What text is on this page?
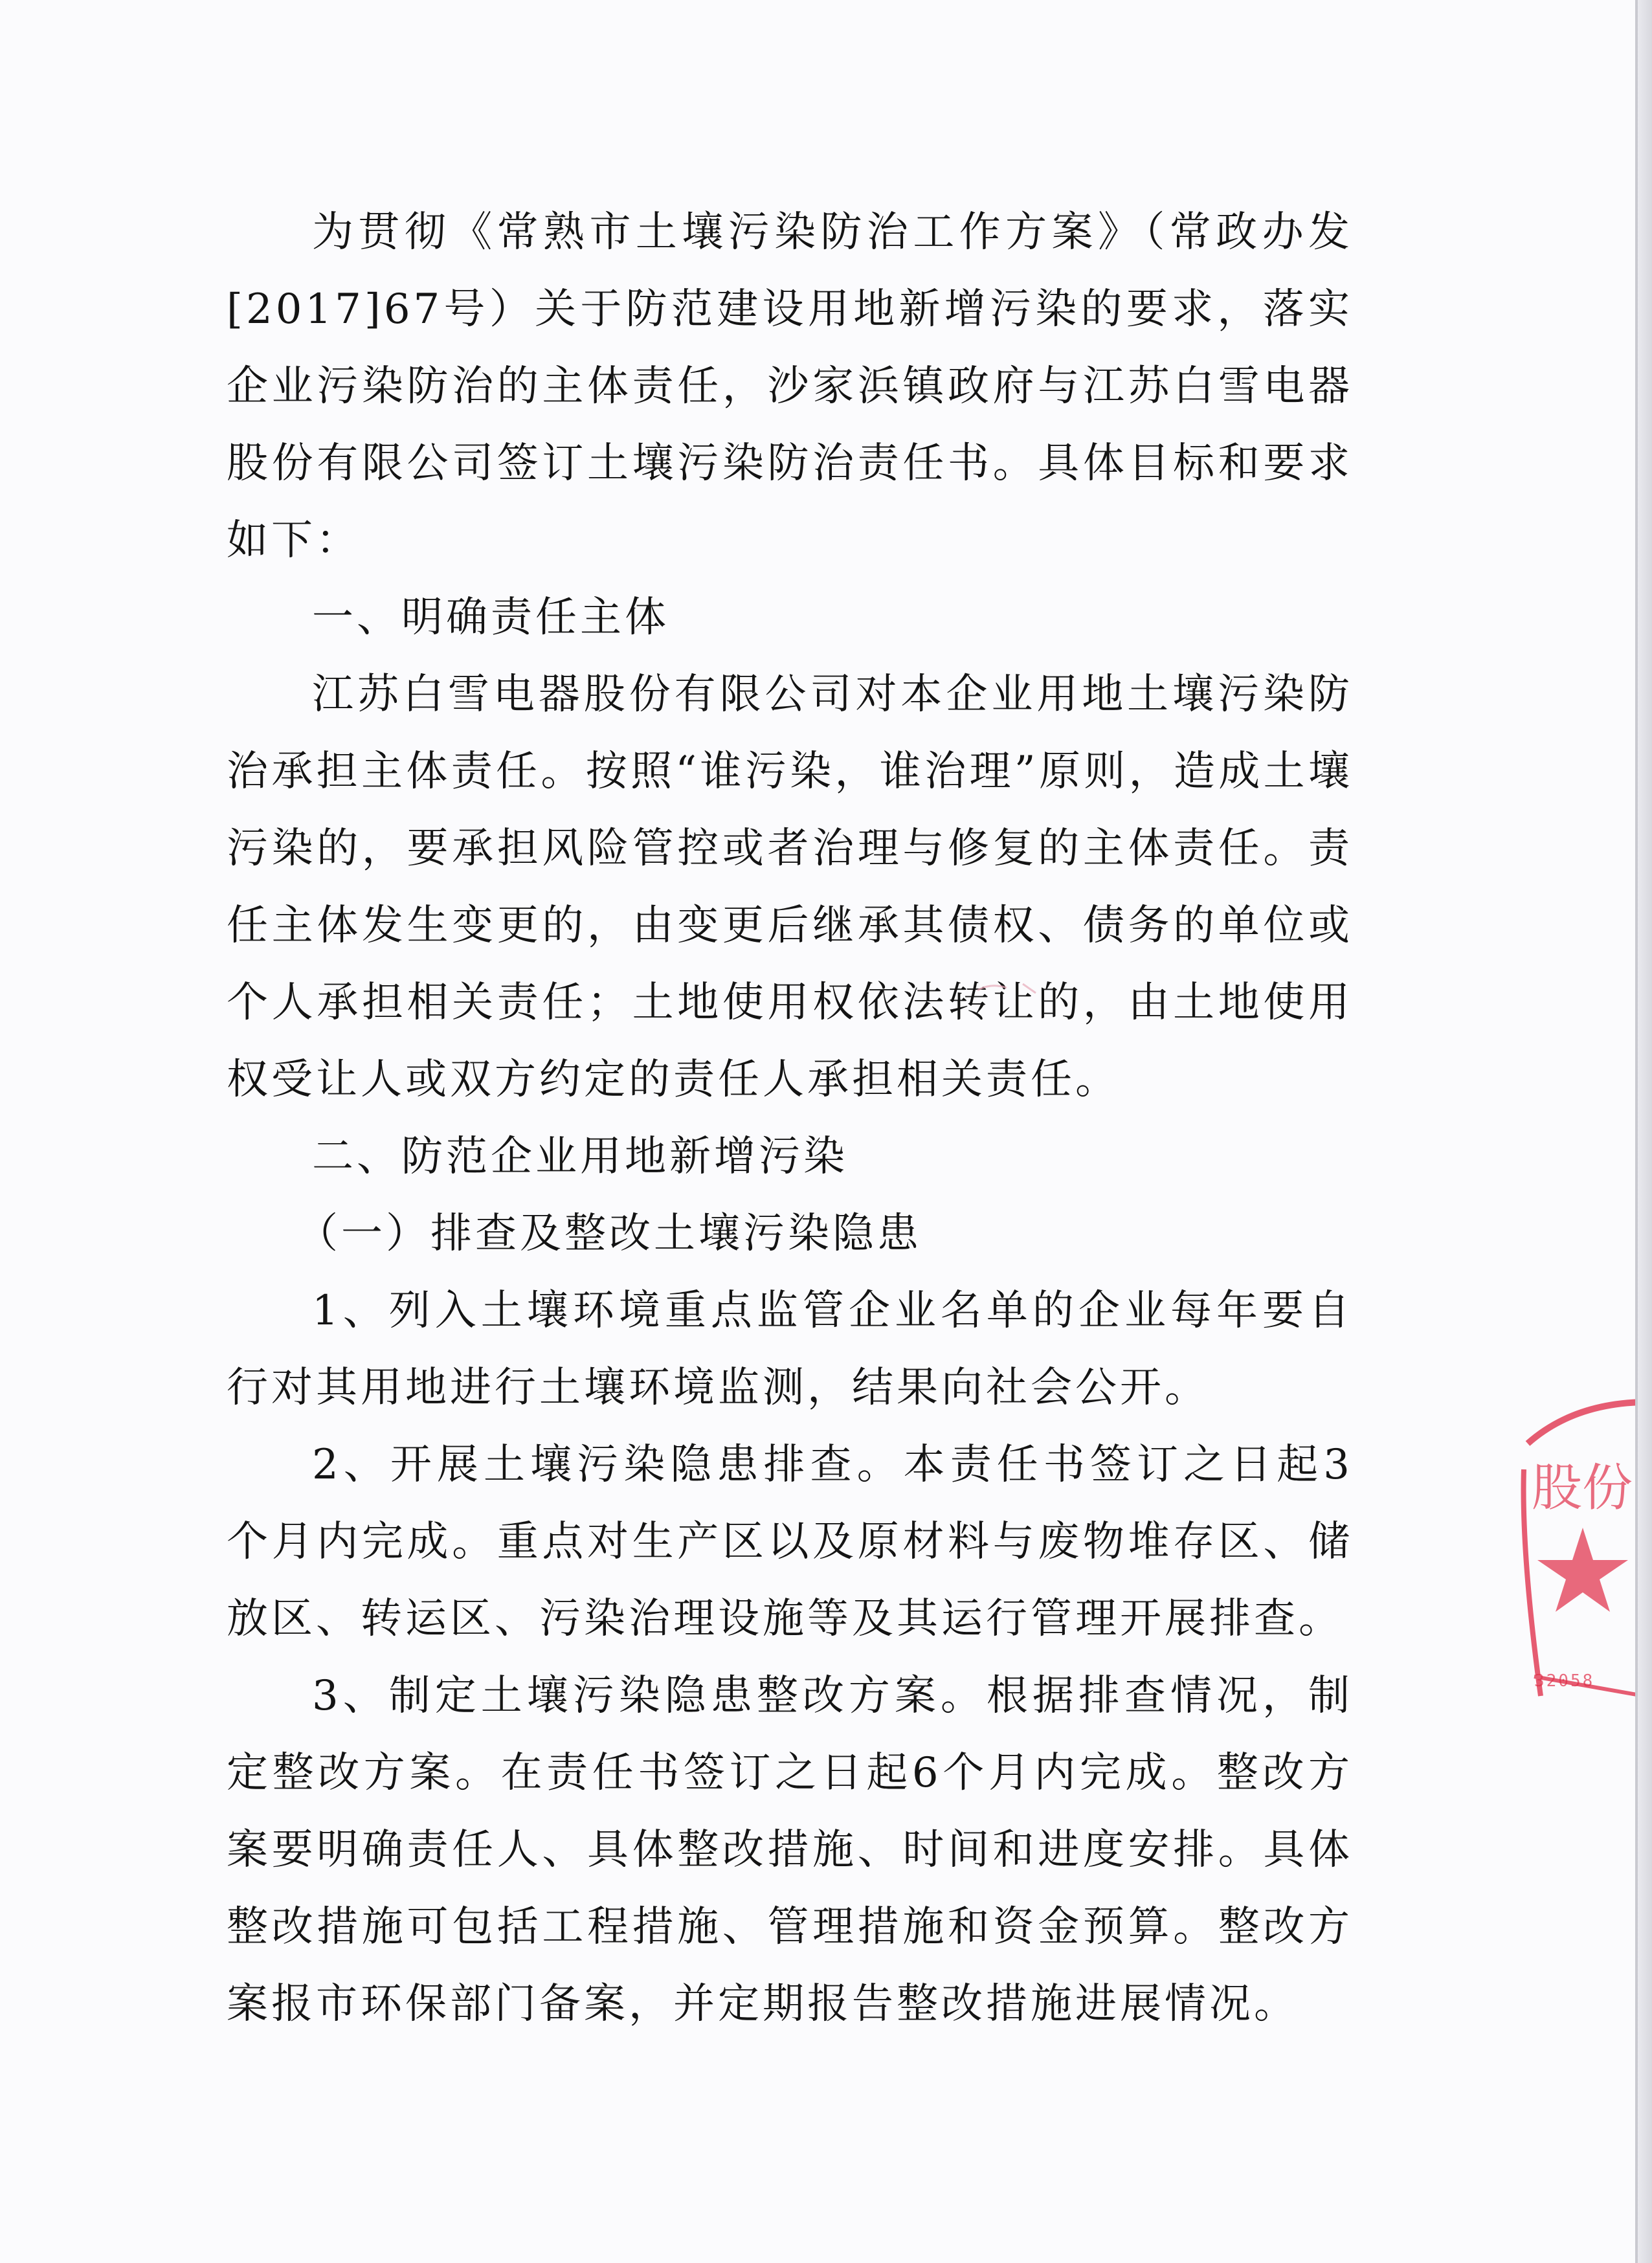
为贯彻《常熟市土壤污染防治工作方案》（常政办发[2017]67号）关于防范建设用地新增污染的要求，落实企业污染防治的主体责任，沙家浜镇政府与江苏白雪电器股份有限公司签订土壤污染防治责任书。具体目标和要求如下：

一、明确责任主体

江苏白雪电器股份有限公司对本企业用地土壤污染防治承担主体责任。按照“谁污染，谁治理”原则，造成土壤污染的，要承担风险管控或者治理与修复的主体责任。责任主体发生变更的，由变更后继承其债权、债务的单位或个人承担相关责任；土地使用权依法转让的，由土地使用权受让人或双方约定的责任人承担相关责任。

二、防范企业用地新增污染

（一）排查及整改土壤污染隐患

1、列入土壤环境重点监管企业名单的企业每年要自行对其用地进行土壤环境监测，结果向社会公开。

2、开展土壤污染隐患排查。本责任书签订之日起3个月内完成。重点对生产区以及原材料与废物堆存区、储放区、转运区、污染治理设施等及其运行管理开展排查。

3、制定土壤污染隐患整改方案。根据排查情况，制定整改方案。在责任书签订之日起6个月内完成。整改方案要明确责任人、具体整改措施、时间和进度安排。具体整改措施可包括工程措施、管理措施和资金预算。整改方案报市环保部门备案，并定期报告整改措施进展情况。

股份
32058
